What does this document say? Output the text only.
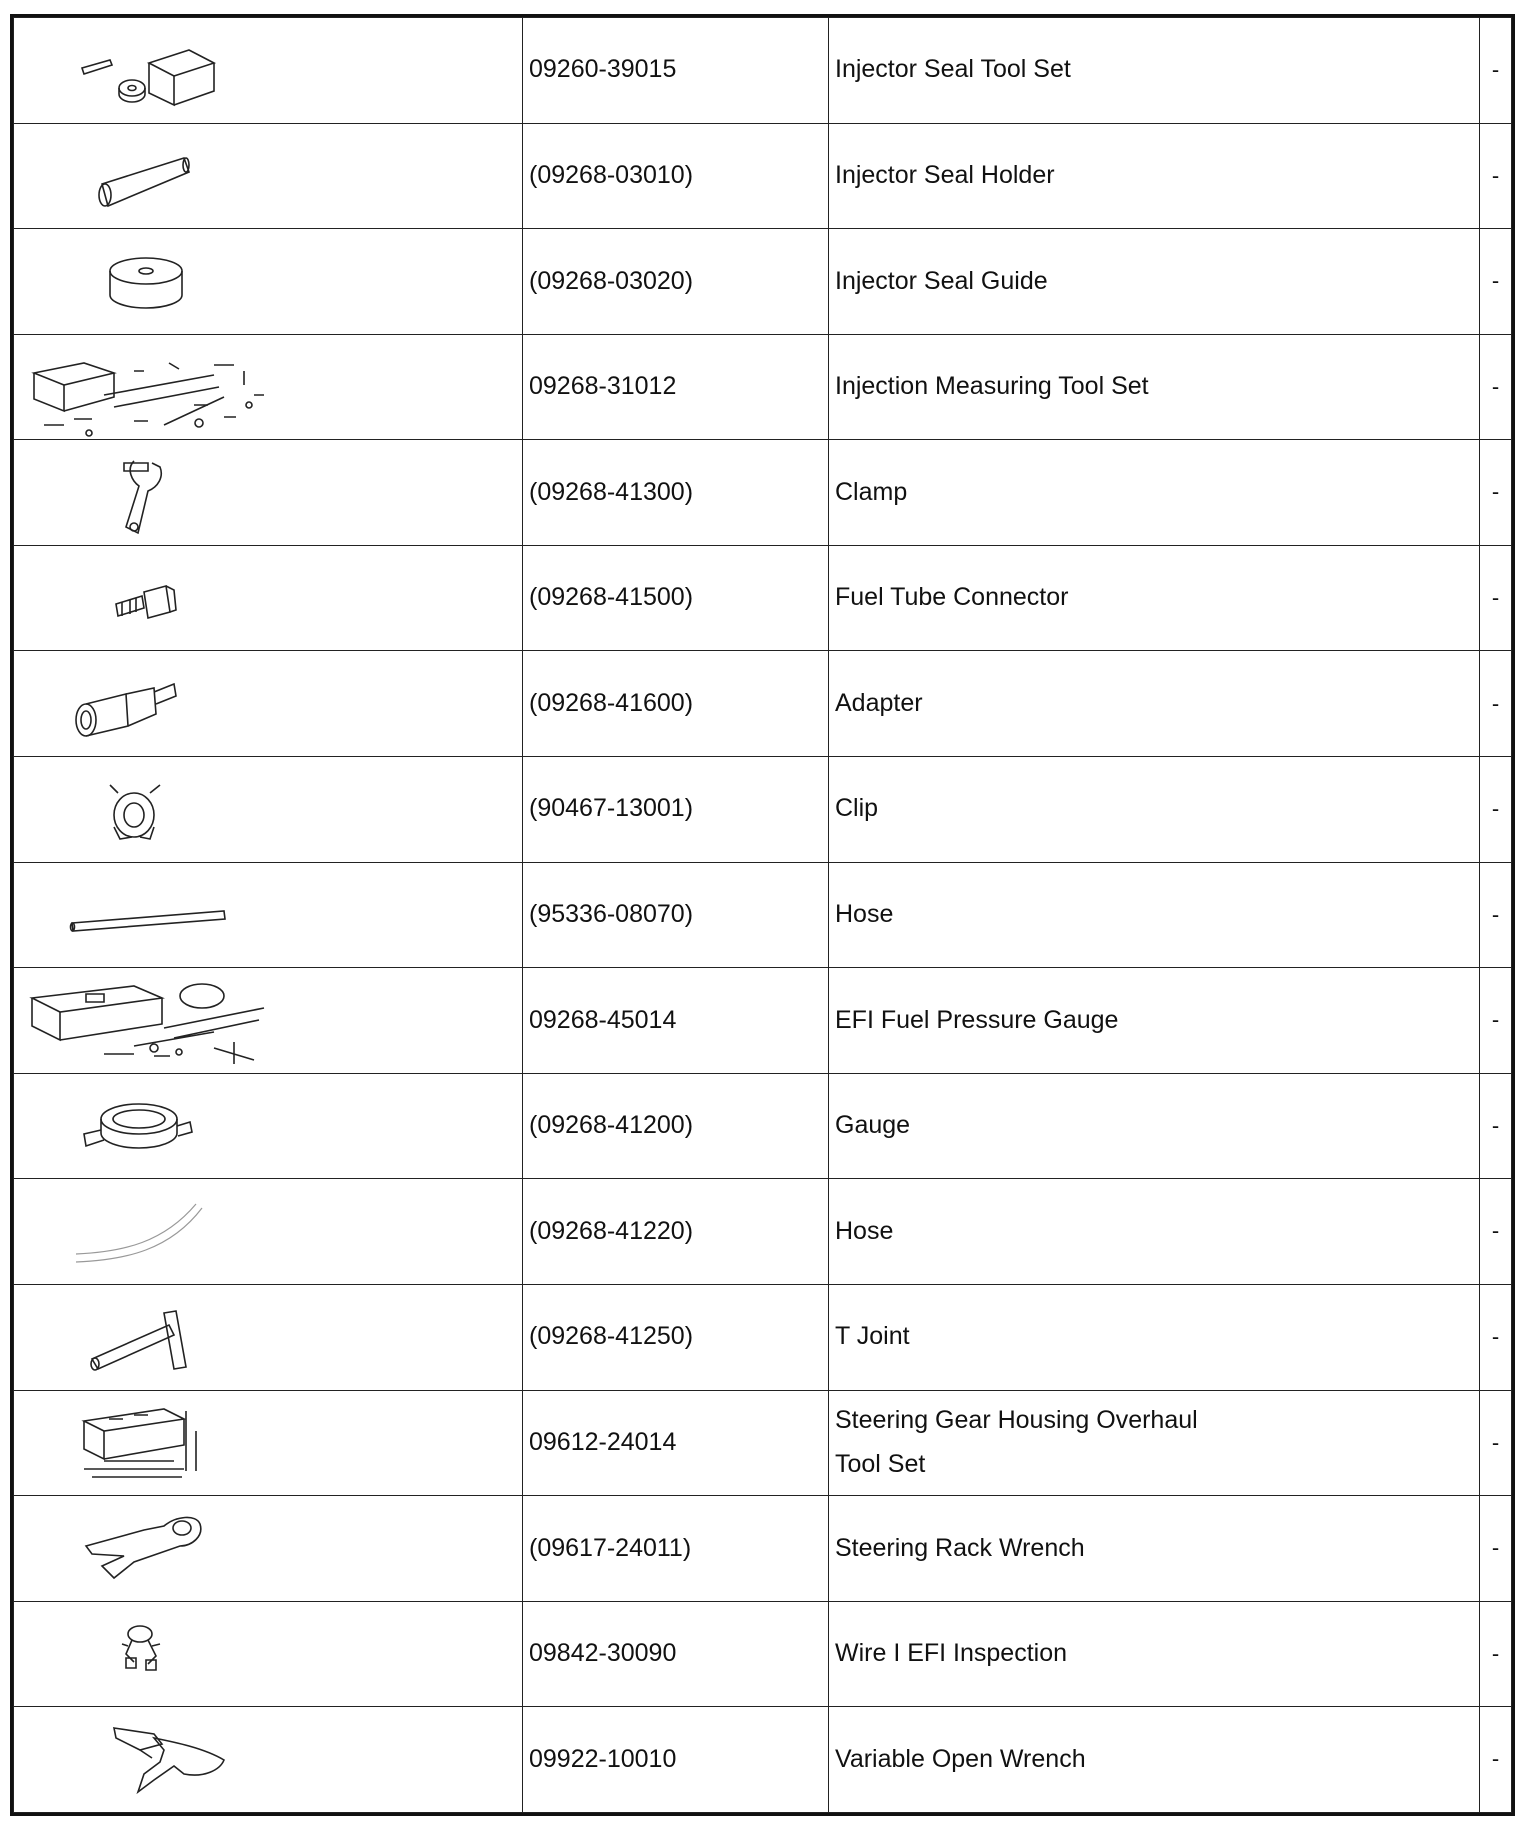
	09260-39015	Injector Seal Tool Set	-

	(09268-03010)	Injector Seal Holder	-

	(09268-03020)	Injector Seal Guide	-

	09268-31012	Injection Measuring Tool Set	-

	(09268-41300)	Clamp	-

	(09268-41500)	Fuel Tube Connector	-

	(09268-41600)	Adapter	-

	(90467-13001)	Clip	-

	(95336-08070)	Hose	-

	09268-45014	EFI Fuel Pressure Gauge	-

	(09268-41200)	Gauge	-

	(09268-41220)	Hose	-

	(09268-41250)	T Joint	-

	09612-24014	Steering Gear Housing Overhaul
Tool Set	-

	(09617-24011)	Steering Rack Wrench	-

	09842-30090	Wire I EFI Inspection	-

	09922-10010	Variable Open Wrench	-
